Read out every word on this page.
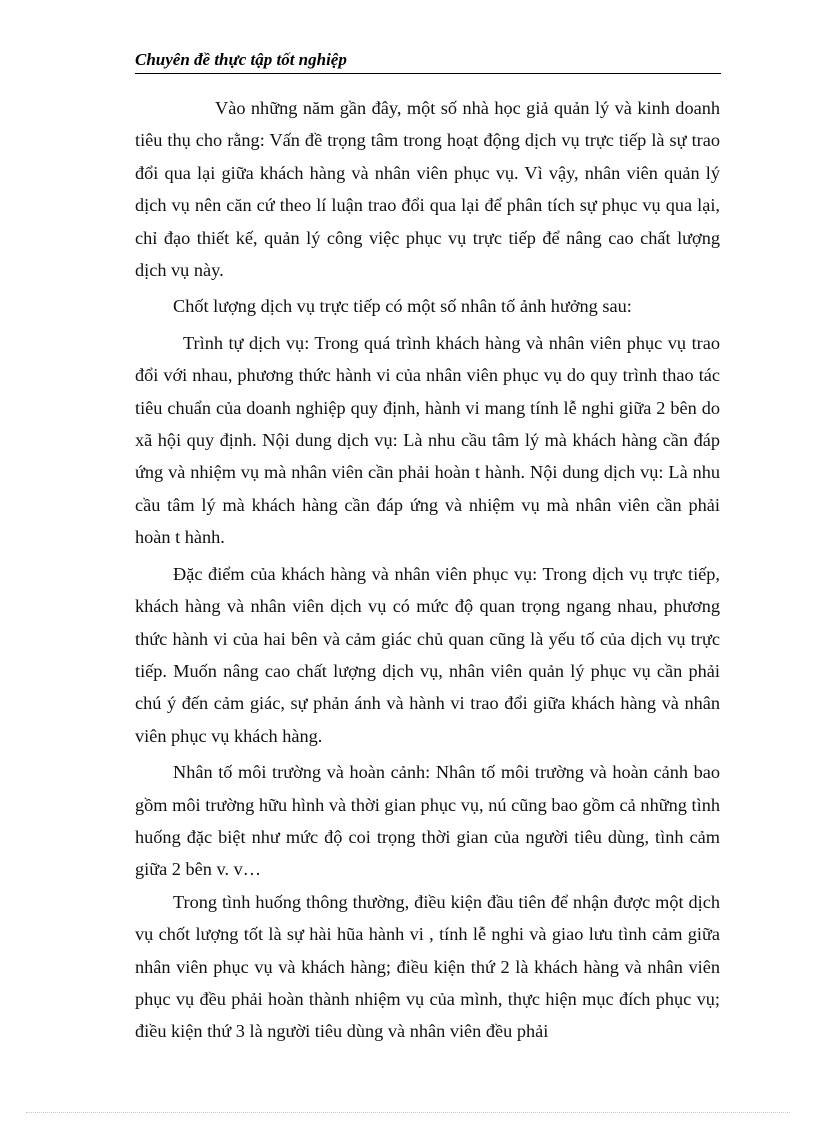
Chuyên đề thực tập tốt nghiệp

Vào những năm gần đây, một số nhà học giả quản lý và kinh doanh tiêu thụ cho rằng: Vấn đề trọng tâm trong hoạt động dịch vụ trực tiếp là sự trao đổi qua lại giữa khách hàng và nhân viên phục vụ. Vì vậy, nhân viên quản lý dịch vụ nên căn cứ theo lí luận trao đổi qua lại để phân tích sự phục vụ qua lại, chỉ đạo thiết kế, quản lý công việc phục vụ trực tiếp để nâng cao chất lượng dịch vụ này.

Chốt lượng dịch vụ trực tiếp có một số nhân tố ảnh hưởng sau:

Trình tự dịch vụ: Trong quá trình khách hàng và nhân viên phục vụ trao đổi với nhau, phương thức hành vi của nhân viên phục vụ do quy trình thao tác tiêu chuẩn của doanh nghiệp quy định, hành vi mang tính lễ nghi giữa 2 bên do xã hội quy định. Nội dung dịch vụ: Là nhu cầu tâm lý mà khách hàng cần đáp ứng và nhiệm vụ mà nhân viên cần phải hoàn t hành. Nội dung dịch vụ: Là nhu cầu tâm lý mà khách hàng cần đáp ứng và nhiệm vụ mà nhân viên cần phải hoàn t hành.

Đặc điểm của khách hàng và nhân viên phục vụ: Trong dịch vụ trực tiếp, khách hàng và nhân viên dịch vụ có mức độ quan trọng ngang nhau, phương thức hành vi của hai bên và cảm giác chủ quan cũng là yếu tố của dịch vụ trực tiếp. Muốn nâng cao chất lượng dịch vụ, nhân viên quản lý phục vụ cần phải chú ý đến cảm giác, sự phản ánh và hành vi trao đổi giữa khách hàng và nhân viên phục vụ khách hàng.

Nhân tố môi trường và hoàn cảnh: Nhân tố môi trường và hoàn cảnh bao gồm môi trường hữu hình và thời gian phục vụ, nú cũng bao gồm cả những tình huống đặc biệt như mức độ coi trọng thời gian của người tiêu dùng, tình cảm giữa 2 bên v. v…

Trong tình huống thông thường, điều kiện đầu tiên để nhận được một dịch vụ chốt lượng tốt là sự hài hũa hành vi , tính lễ nghi và giao lưu tình cảm giữa nhân viên phục vụ và khách hàng; điều kiện thứ 2 là khách hàng và nhân viên phục vụ đều phải hoàn thành nhiệm vụ của mình, thực hiện mục đích phục vụ; điều kiện thứ 3 là người tiêu dùng và nhân viên đều phải
